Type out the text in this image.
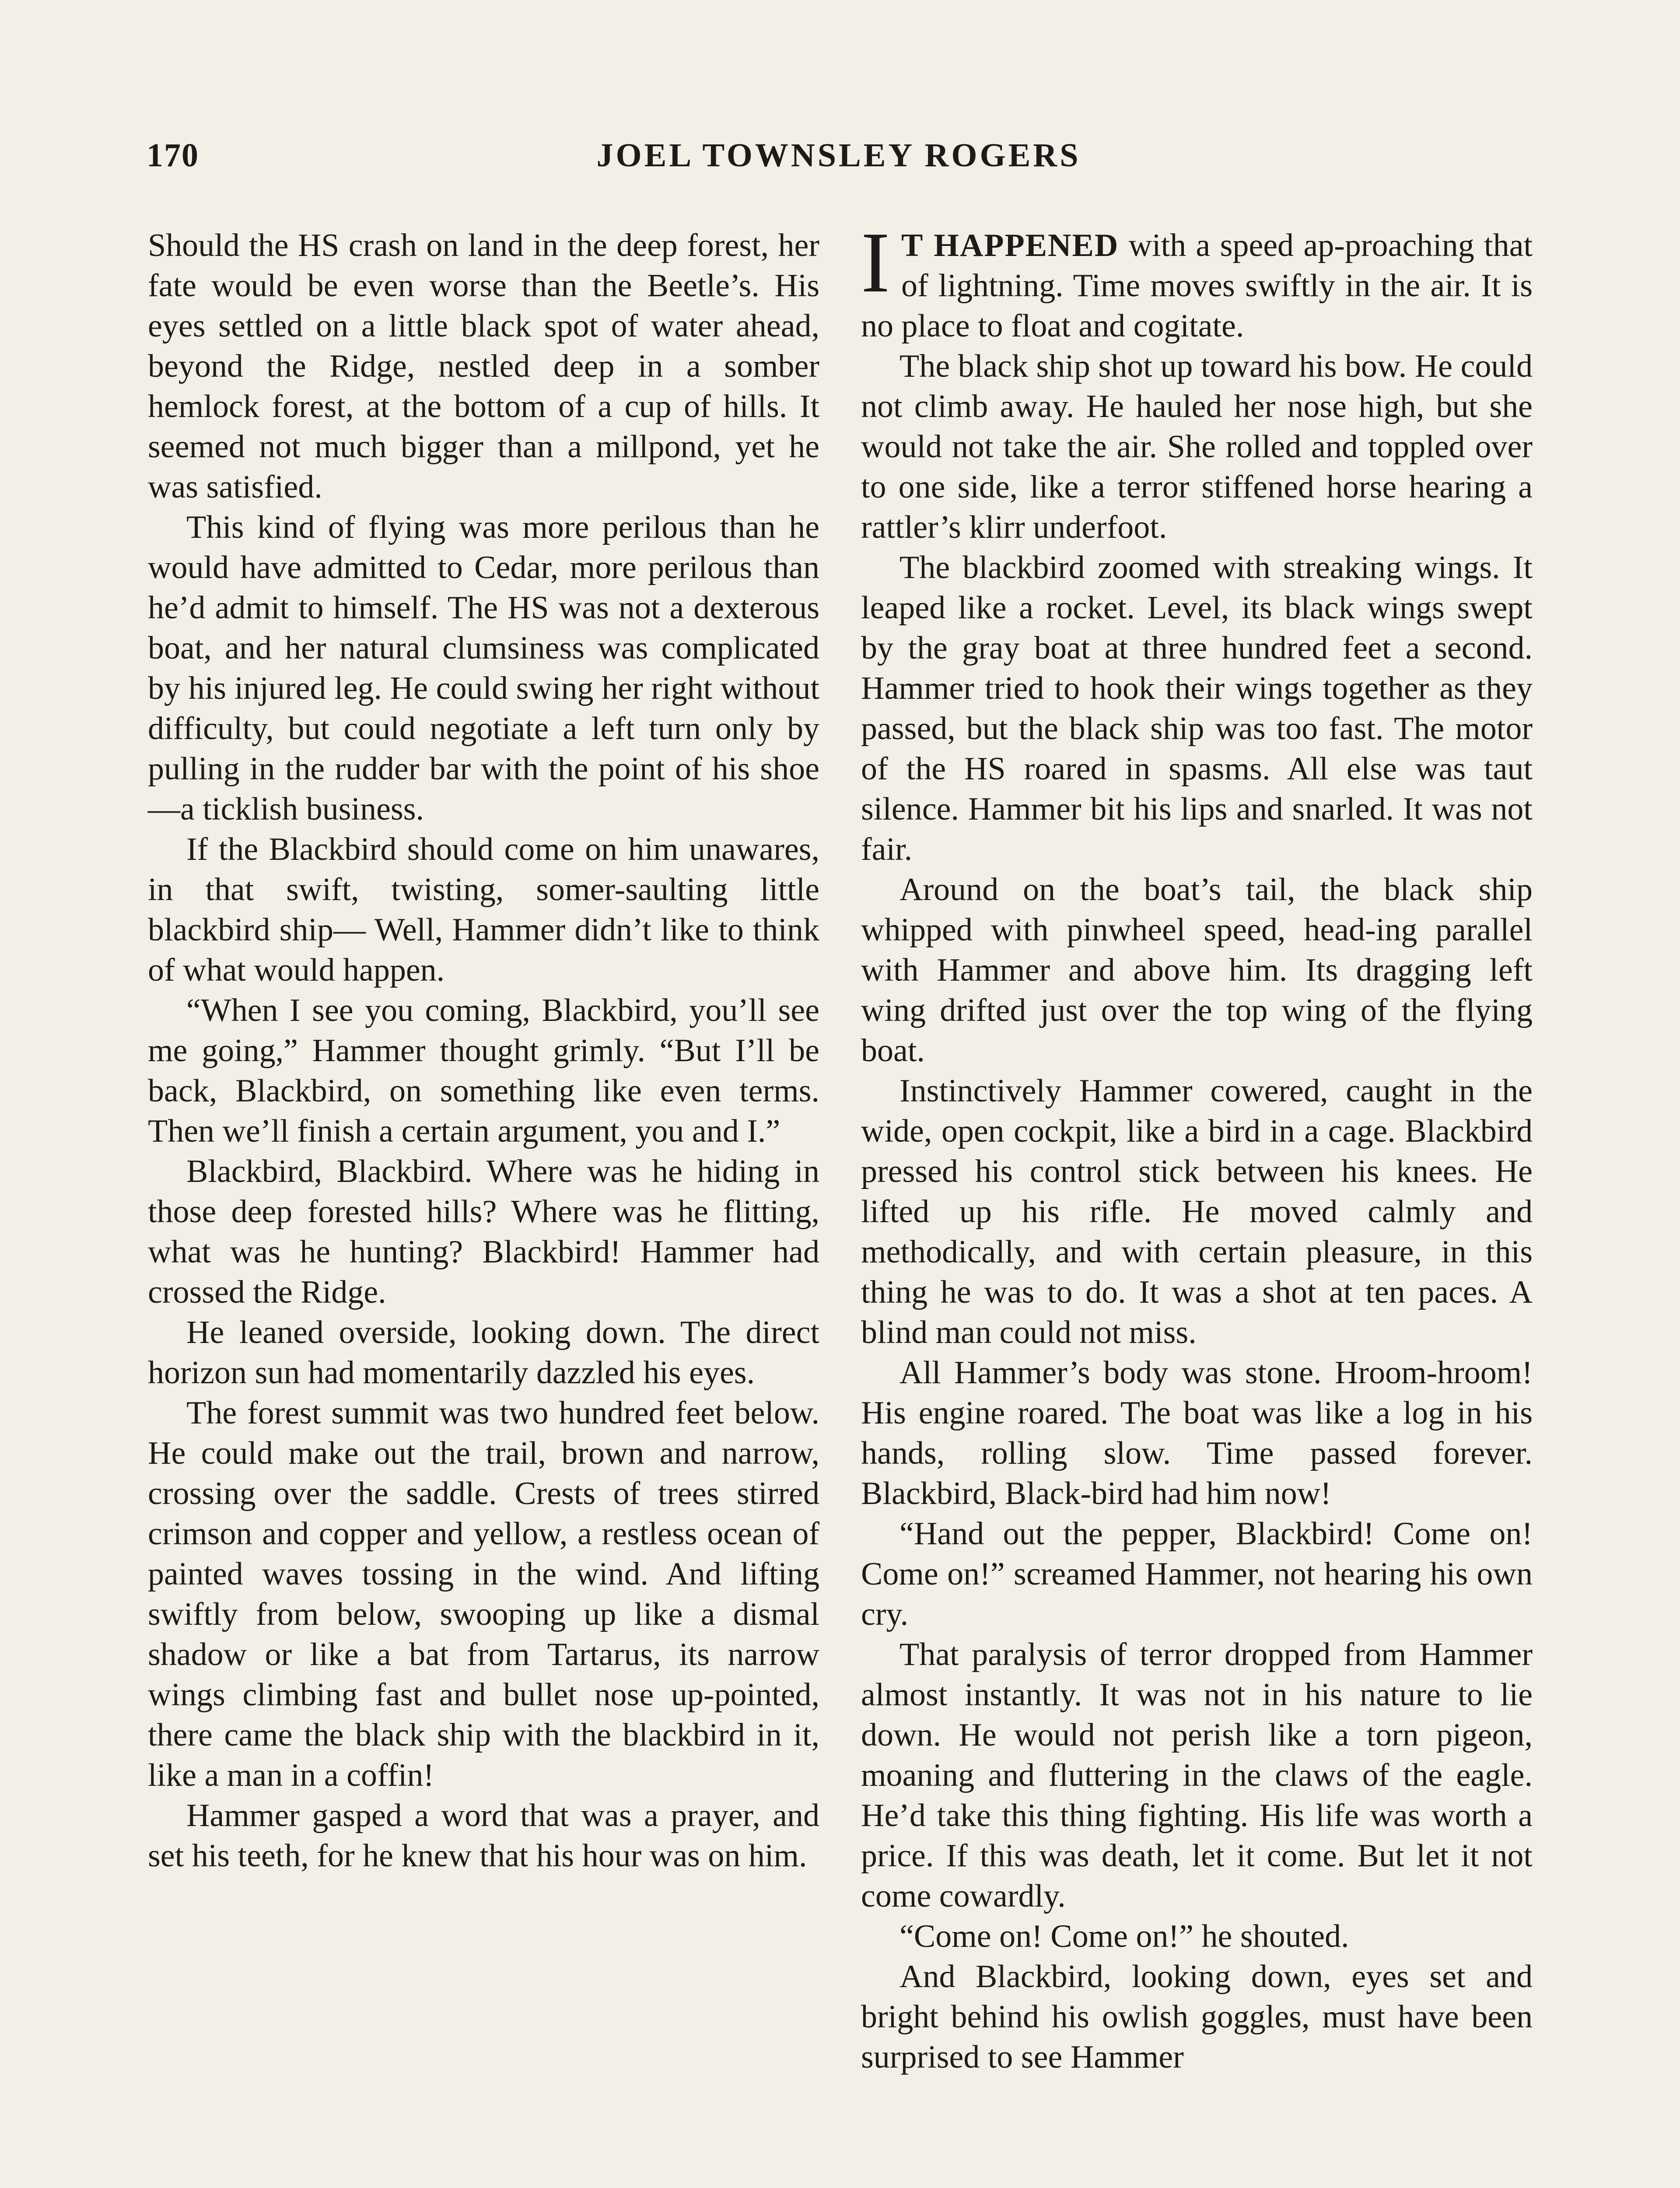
170	JOEL TOWNSLEY ROGERS

Should the HS crash on land in the deep forest, her fate would be even worse than the Beetle’s. His eyes settled on a little black spot of water ahead, beyond the Ridge, nestled deep in a somber hemlock forest, at the bottom of a cup of hills. It seemed not much bigger than a millpond, yet he was satisfied.

This kind of flying was more perilous than he would have admitted to Cedar, more perilous than he’d admit to himself. The HS was not a dexterous boat, and her natural clumsiness was complicated by his injured leg. He could swing her right without difficulty, but could negotiate a left turn only by pulling in the rudder bar with the point of his shoe—a ticklish business.

If the Blackbird should come on him unawares, in that swift, twisting, somer-saulting little blackbird ship— Well, Hammer didn’t like to think of what would happen.

“When I see you coming, Blackbird, you’ll see me going,” Hammer thought grimly. “But I’ll be back, Blackbird, on something like even terms. Then we’ll finish a certain argument, you and I.”

Blackbird, Blackbird. Where was he hiding in those deep forested hills? Where was he flitting, what was he hunting? Blackbird! Hammer had crossed the Ridge.

He leaned overside, looking down. The direct horizon sun had momentarily dazzled his eyes.

The forest summit was two hundred feet below. He could make out the trail, brown and narrow, crossing over the saddle. Crests of trees stirred crimson and copper and yellow, a restless ocean of painted waves tossing in the wind. And lifting swiftly from below, swooping up like a dismal shadow or like a bat from Tartarus, its narrow wings climbing fast and bullet nose up-pointed, there came the black ship with the blackbird in it, like a man in a coffin!

Hammer gasped a word that was a prayer, and set his teeth, for he knew that his hour was on him.

I T HAPPENED with a speed ap-proaching that of lightning. Time moves swiftly in the air. It is no place to float and cogitate.

The black ship shot up toward his bow. He could not climb away. He hauled her nose high, but she would not take the air. She rolled and toppled over to one side, like a terror stiffened horse hearing a rattler’s klirr underfoot.

The blackbird zoomed with streaking wings. It leaped like a rocket. Level, its black wings swept by the gray boat at three hundred feet a second. Hammer tried to hook their wings together as they passed, but the black ship was too fast. The motor of the HS roared in spasms. All else was taut silence. Hammer bit his lips and snarled. It was not fair.

Around on the boat’s tail, the black ship whipped with pinwheel speed, head-ing parallel with Hammer and above him. Its dragging left wing drifted just over the top wing of the flying boat.

Instinctively Hammer cowered, caught in the wide, open cockpit, like a bird in a cage. Blackbird pressed his control stick between his knees. He lifted up his rifle. He moved calmly and methodically, and with certain pleasure, in this thing he was to do. It was a shot at ten paces. A blind man could not miss.

All Hammer’s body was stone. Hroom-hroom! His engine roared. The boat was like a log in his hands, rolling slow. Time passed forever. Blackbird, Black-bird had him now!

“Hand out the pepper, Blackbird! Come on! Come on!” screamed Hammer, not hearing his own cry.

That paralysis of terror dropped from Hammer almost instantly. It was not in his nature to lie down. He would not perish like a torn pigeon, moaning and fluttering in the claws of the eagle. He’d take this thing fighting. His life was worth a price. If this was death, let it come. But let it not come cowardly.

“Come on! Come on!” he shouted.

And Blackbird, looking down, eyes set and bright behind his owlish goggles, must have been surprised to see Hammer
